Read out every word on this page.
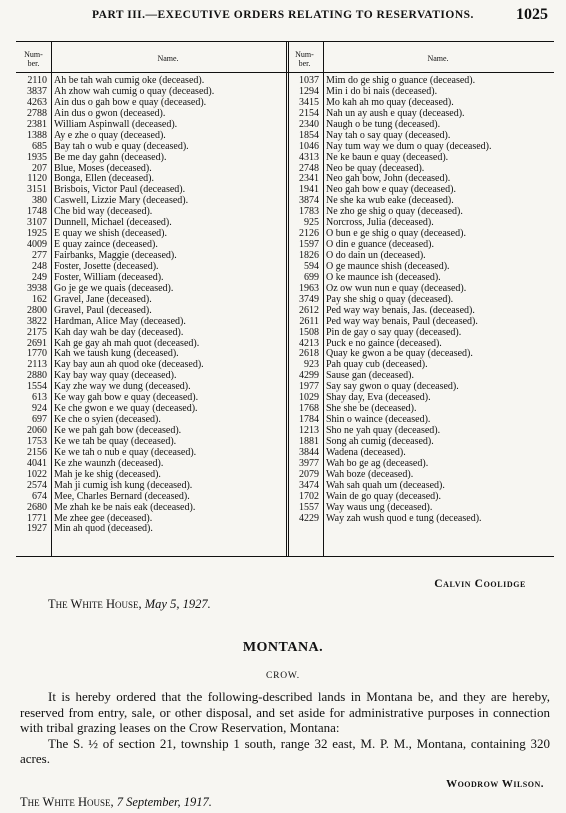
PART III.—EXECUTIVE ORDERS RELATING TO RESERVATIONS.	1025
Num-
ber.
Name.	Num-
ber.
Name.
2110 Ah be tah wah cumig oke (deceased).
3837 Ah zhow wah cumig o quay (deceased).
4263 Ain dus o gah bow e quay (deceased).
2788 Ain dus o gwon (deceased).
2381 William Aspinwall (deceased).
1388 Ay e zhe o quay (deceased).
685 Bay tah o wub e quay (deceased).
1935 Be me day gahn (deceased).
207 Blue, Moses (deceased).
1120 Bonga, Ellen (deceased).
3151 Brisbois, Victor Paul (deceased).
380 Caswell, Lizzie Mary (deceased).
1748 Che bid way (deceased).
3107 Dunnell, Michael (deceased).
1925 E quay we shish (deceased).
4009 E quay zaince (deceased).
277 Fairbanks, Maggie (deceased).
248 Foster, Josette (deceased).
249 Foster, William (deceased).
3938 Go je ge we quais (deceased).
162 Gravel, Jane (deceased).
2800 Gravel, Paul (deceased).
3822 Hardman, Alice May (deceased).
2175 Kah day wah be day (deceased).
2691 Kah ge gay ah mah quot (deceased).
1770 Kah we taush kung (deceased).
2113 Kay bay aun ah quod oke (deceased).
2880 Kay bay way quay (deceased).
1554 Kay zhe way we dung (deceased).
613 Ke way gah bow e quay (deceased).
924 Ke che gwon e we quay (deceased).
697 Ke che o syien (deceased).
2060 Ke we pah gah bow (deceased).
1753 Ke we tah be quay (deceased).
2156 Ke we tah o nub e quay (deceased).
4041 Ke zhe waunzh (deceased).
1022 Mah je ke shig (deceased).
2574 Mah ji cumig ish kung (deceased).
674 Mee, Charles Bernard (deceased).
2680 Me zhah ke be nais eak (deceased).
1771 Me zhee gee (deceased).
1927 Min ah quod (deceased).
1037 Mim do ge shig o guance (deceased).
1294 Min i do bi nais (deceased).
3415 Mo kah ah mo quay (deceased).
2154 Nah un ay aush e quay (deceased).
2340 Naugh o be tung (deceased).
1854 Nay tah o say quay (deceased).
1046 Nay tum way we dum o quay (deceased).
4313 Ne ke baun e quay (deceased).
2748 Neo be quay (deceased).
2341 Neo gah bow, John (deceased).
1941 Neo gah bow e quay (deceased).
3874 Ne she ka wub eake (deceased).
1783 Ne zho ge shig o quay (deceased).
925 Norcross, Julia (deceased).
2126 O bun e ge shig o quay (deceased).
1597 O din e guance (deceased).
1826 O do dain un (deceased).
594 O ge maunce shish (deceased).
699 O ke maunce ish (deceased).
1963 Oz ow wun nun e quay (deceased).
3749 Pay she shig o quay (deceased).
2612 Ped way way benais, Jas. (deceased).
2611 Ped way way benais, Paul (deceased).
1508 Pin de gay o say quay (deceased).
4213 Puck e no gaince (deceased).
2618 Quay ke gwon a be quay (deceased).
923 Pah quay cub (deceased).
4299 Sause gan (deceased).
1977 Say say gwon o quay (deceased).
1029 Shay day, Eva (deceased).
1768 She she be (deceased).
1784 Shin o waince (deceased).
1213 Sho ne yah quay (deceased).
1881 Song ah cumig (deceased).
3844 Wadena (deceased).
3977 Wah bo ge ag (deceased).
2079 Wah boze (deceased).
3474 Wah sah quah um (deceased).
1702 Wain de go quay (deceased).
1557 Way waus ung (deceased).
4229 Way zah wush quod e tung (deceased).
Calvin Coolidge
The White House, May 5, 1927.
MONTANA.
CROW.

It is hereby ordered that the following-described lands in Montana be, and they are hereby, reserved from entry, sale, or other disposal, and set aside for administrative purposes in connection with tribal grazing leases on the Crow Reservation, Montana:

The S. ½ of section 21, township 1 south, range 32 east, M. P. M., Montana, containing 320 acres.

Woodrow Wilson.
The White House, 7 September, 1917.
